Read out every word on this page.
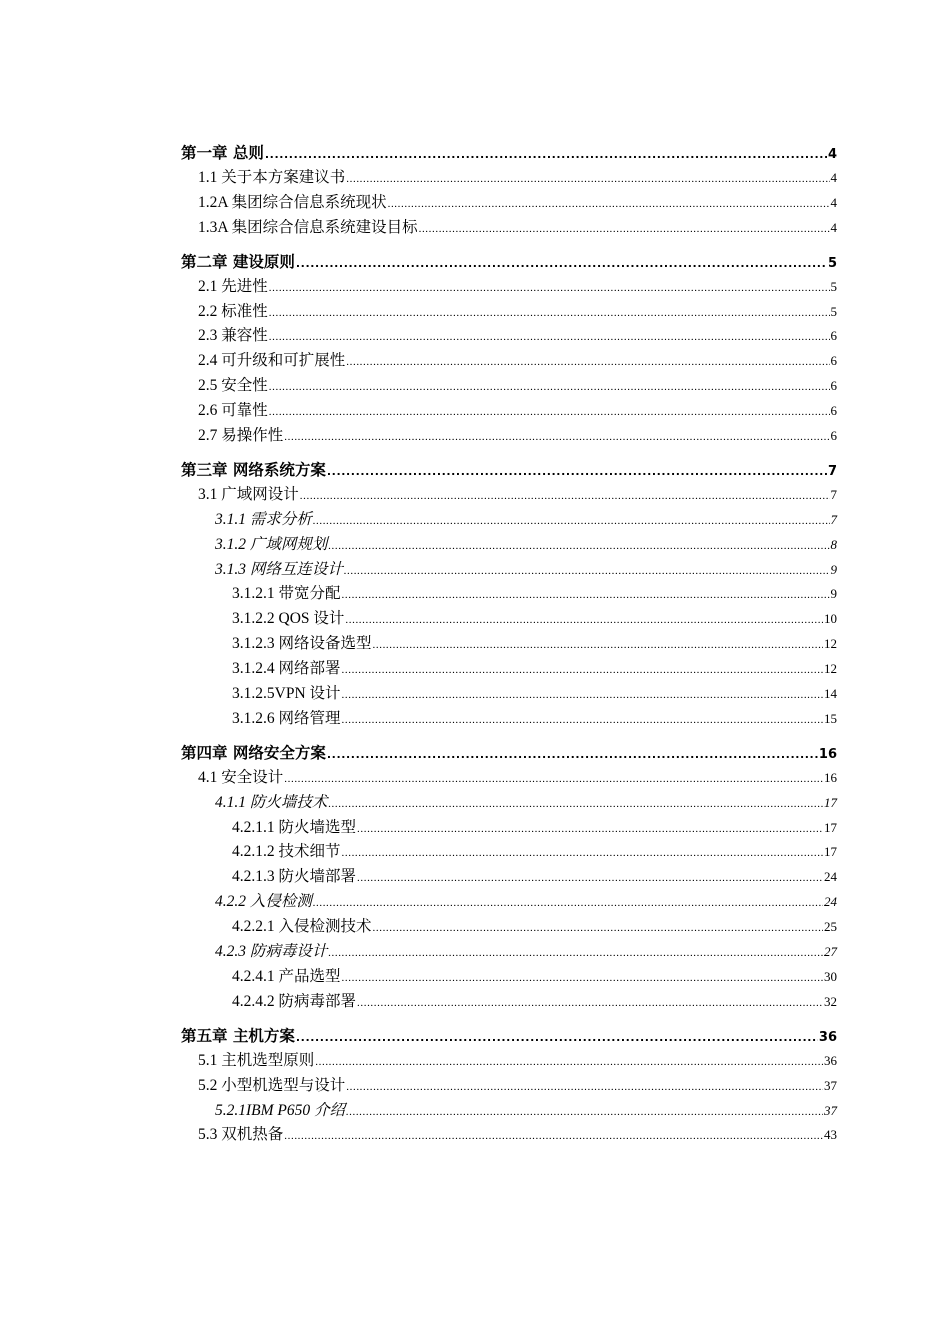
第一章 总则 .....	4
1.1 关于本方案建议书 .....	4
1.2A 集团综合信息系统现状 .....	4
1.3A 集团综合信息系统建设目标 .....	4
第二章 建设原则 .....	5
2.1 先进性 .....	5
2.2 标准性 .....	5
2.3 兼容性 .....	6
2.4 可升级和可扩展性 .....	6
2.5 安全性 .....	6
2.6 可靠性 .....	6
2.7 易操作性 .....	6
第三章 网络系统方案 .....	7
3.1 广域网设计 .....	7
3.1.1 需求分析 .....	7
3.1.2 广域网规划 .....	8
3.1.3 网络互连设计 .....	9
3.1.2.1 带宽分配 .....	9
3.1.2.2 QOS 设计 .....	10
3.1.2.3 网络设备选型 .....	12
3.1.2.4 网络部署 .....	12
3.1.2.5VPN 设计 .....	14
3.1.2.6 网络管理 .....	15
第四章 网络安全方案 .....	16
4.1 安全设计 .....	16
4.1.1 防火墙技术 .....	17
4.2.1.1 防火墙选型 .....	17
4.2.1.2 技术细节 .....	17
4.2.1.3 防火墙部署 .....	24
4.2.2 入侵检测 .....	24
4.2.2.1 入侵检测技术 .....	25
4.2.3 防病毒设计 .....	27
4.2.4.1 产品选型 .....	30
4.2.4.2 防病毒部署 .....	32
第五章 主机方案 .....	36
5.1 主机选型原则 .....	36
5.2 小型机选型与设计 .....	37
5.2.1IBM P650 介绍 .....	37
5.3 双机热备 .....	43
